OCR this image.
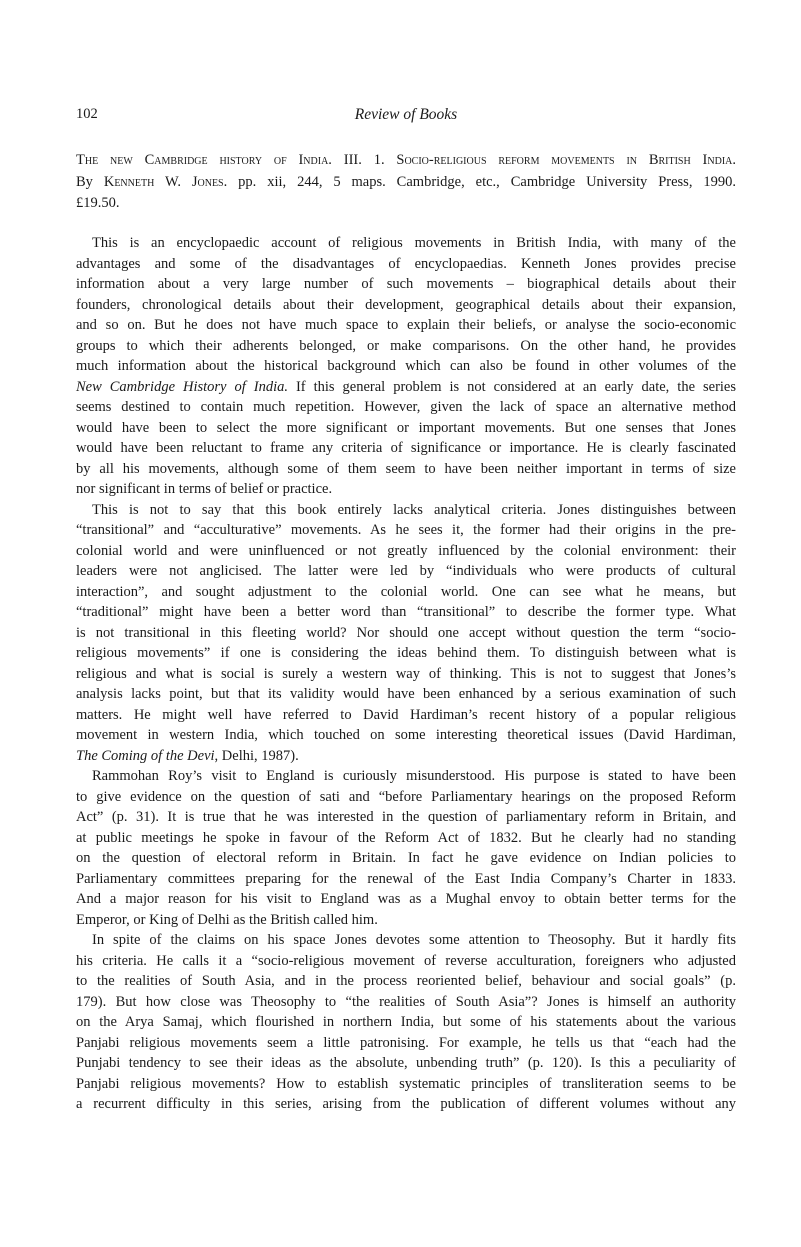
102	Review of Books
The new Cambridge history of India. III. 1. Socio-religious reform movements in British India.
By Kenneth W. Jones. pp. xii, 244, 5 maps. Cambridge, etc., Cambridge University Press, 1990.
£19.50.
This is an encyclopaedic account of religious movements in British India, with many of the
advantages and some of the disadvantages of encyclopaedias. Kenneth Jones provides precise
information about a very large number of such movements – biographical details about their
founders, chronological details about their development, geographical details about their expansion,
and so on. But he does not have much space to explain their beliefs, or analyse the socio-economic
groups to which their adherents belonged, or make comparisons. On the other hand, he provides
much information about the historical background which can also be found in other volumes of the
New Cambridge History of India. If this general problem is not considered at an early date, the series
seems destined to contain much repetition. However, given the lack of space an alternative method
would have been to select the more significant or important movements. But one senses that Jones
would have been reluctant to frame any criteria of significance or importance. He is clearly fascinated
by all his movements, although some of them seem to have been neither important in terms of size
nor significant in terms of belief or practice.
This is not to say that this book entirely lacks analytical criteria. Jones distinguishes between
“transitional” and “acculturative” movements. As he sees it, the former had their origins in the pre-
colonial world and were uninfluenced or not greatly influenced by the colonial environment: their
leaders were not anglicised. The latter were led by “individuals who were products of cultural
interaction”, and sought adjustment to the colonial world. One can see what he means, but
“traditional” might have been a better word than “transitional” to describe the former type. What
is not transitional in this fleeting world? Nor should one accept without question the term “socio-
religious movements” if one is considering the ideas behind them. To distinguish between what is
religious and what is social is surely a western way of thinking. This is not to suggest that Jones’s
analysis lacks point, but that its validity would have been enhanced by a serious examination of such
matters. He might well have referred to David Hardiman’s recent history of a popular religious
movement in western India, which touched on some interesting theoretical issues (David Hardiman,
The Coming of the Devi, Delhi, 1987).
Rammohan Roy’s visit to England is curiously misunderstood. His purpose is stated to have been
to give evidence on the question of sati and “before Parliamentary hearings on the proposed Reform
Act” (p. 31). It is true that he was interested in the question of parliamentary reform in Britain, and
at public meetings he spoke in favour of the Reform Act of 1832. But he clearly had no standing
on the question of electoral reform in Britain. In fact he gave evidence on Indian policies to
Parliamentary committees preparing for the renewal of the East India Company’s Charter in 1833.
And a major reason for his visit to England was as a Mughal envoy to obtain better terms for the
Emperor, or King of Delhi as the British called him.
In spite of the claims on his space Jones devotes some attention to Theosophy. But it hardly fits
his criteria. He calls it a “socio-religious movement of reverse acculturation, foreigners who adjusted
to the realities of South Asia, and in the process reoriented belief, behaviour and social goals” (p.
179). But how close was Theosophy to “the realities of South Asia”? Jones is himself an authority
on the Arya Samaj, which flourished in northern India, but some of his statements about the various
Panjabi religious movements seem a little patronising. For example, he tells us that “each had the
Punjabi tendency to see their ideas as the absolute, unbending truth” (p. 120). Is this a peculiarity of
Panjabi religious movements? How to establish systematic principles of transliteration seems to be
a recurrent difficulty in this series, arising from the publication of different volumes without any
